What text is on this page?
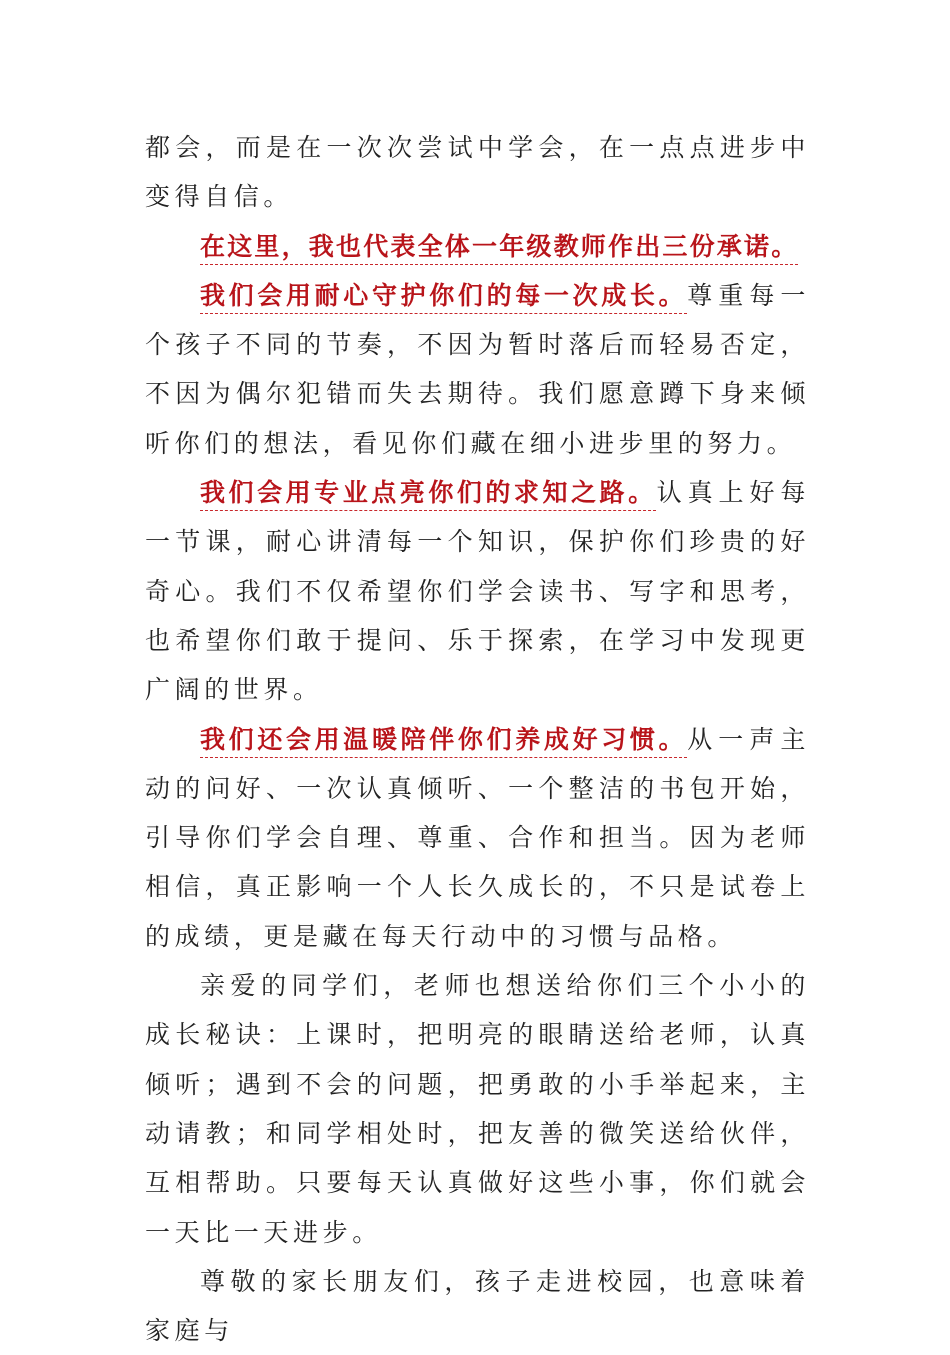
都会，而是在一次次尝试中学会，在一点点进步中变得自信。

在这里，我也代表全体一年级教师作出三份承诺。

我们会用耐心守护你们的每一次成长。尊重每一个孩子不同的节奏，不因为暂时落后而轻易否定，不因为偶尔犯错而失去期待。我们愿意蹲下身来倾听你们的想法，看见你们藏在细小进步里的努力。

我们会用专业点亮你们的求知之路。认真上好每一节课，耐心讲清每一个知识，保护你们珍贵的好奇心。我们不仅希望你们学会读书、写字和思考，也希望你们敢于提问、乐于探索，在学习中发现更广阔的世界。

我们还会用温暖陪伴你们养成好习惯。从一声主动的问好、一次认真倾听、一个整洁的书包开始，引导你们学会自理、尊重、合作和担当。因为老师相信，真正影响一个人长久成长的，不只是试卷上的成绩，更是藏在每天行动中的习惯与品格。

亲爱的同学们，老师也想送给你们三个小小的成长秘诀：上课时，把明亮的眼睛送给老师，认真倾听；遇到不会的问题，把勇敢的小手举起来，主动请教；和同学相处时，把友善的微笑送给伙伴，互相帮助。只要每天认真做好这些小事，你们就会一天比一天进步。

尊敬的家长朋友们，孩子走进校园，也意味着家庭与
